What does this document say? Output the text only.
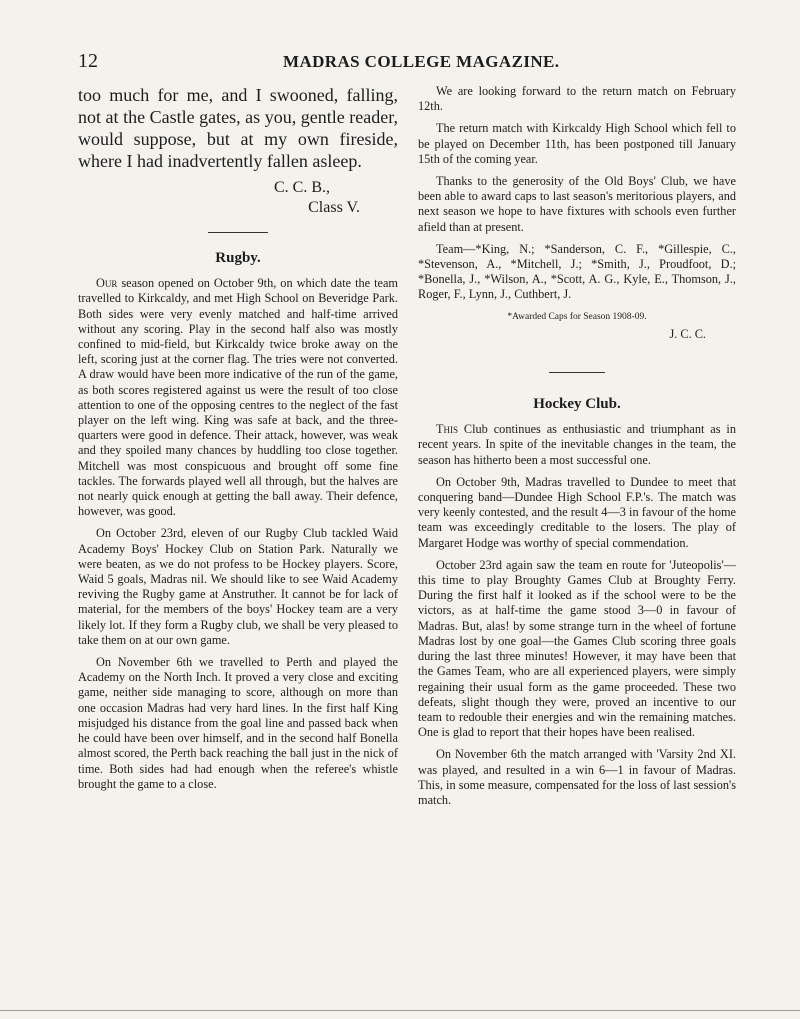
12	MADRAS COLLEGE MAGAZINE.
too much for me, and I swooned, falling, not at the Castle gates, as you, gentle reader, would suppose, but at my own fireside, where I had inadvertently fallen asleep.
C. C. B.,
Class V.
Rugby.

Our season opened on October 9th, on which date the team travelled to Kirkcaldy, and met High School on Beveridge Park. Both sides were very evenly matched and half-time arrived without any scoring. Play in the second half also was mostly confined to mid-field, but Kirkcaldy twice broke away on the left, scoring just at the corner flag. The tries were not converted. A draw would have been more indicative of the run of the game, as both scores registered against us were the result of too close attention to one of the opposing centres to the neglect of the fast player on the left wing. King was safe at back, and the three-quarters were good in defence. Their attack, however, was weak and they spoiled many chances by huddling too close together. Mitchell was most conspicuous and brought off some fine tackles. The forwards played well all through, but the halves are not nearly quick enough at getting the ball away. Their defence, however, was good.

On October 23rd, eleven of our Rugby Club tackled Waid Academy Boys' Hockey Club on Station Park. Naturally we were beaten, as we do not profess to be Hockey players. Score, Waid 5 goals, Madras nil. We should like to see Waid Academy reviving the Rugby game at Anstruther. It cannot be for lack of material, for the members of the boys' Hockey team are a very likely lot. If they form a Rugby club, we shall be very pleased to take them on at our own game.

On November 6th we travelled to Perth and played the Academy on the North Inch. It proved a very close and exciting game, neither side managing to score, although on more than one occasion Madras had very hard lines. In the first half King misjudged his distance from the goal line and passed back when he could have been over himself, and in the second half Bonella almost scored, the Perth back reaching the ball just in the nick of time. Both sides had had enough when the referee's whistle brought the game to a close.

We are looking forward to the return match on February 12th.

The return match with Kirkcaldy High School which fell to be played on December 11th, has been postponed till January 15th of the coming year.

Thanks to the generosity of the Old Boys' Club, we have been able to award caps to last season's meritorious players, and next season we hope to have fixtures with schools even further afield than at present.

Team—*King, N.; *Sanderson, C. F., *Gillespie, C., *Stevenson, A., *Mitchell, J.; *Smith, J., Proudfoot, D.; *Bonella, J., *Wilson, A., *Scott, A. G., Kyle, E., Thomson, J., Roger, F., Lynn, J., Cuthbert, J.

*Awarded Caps for Season 1908-09.

J. C. C.

Hockey Club.

This Club continues as enthusiastic and triumphant as in recent years. In spite of the inevitable changes in the team, the season has hitherto been a most successful one.

On October 9th, Madras travelled to Dundee to meet that conquering band—Dundee High School F.P.'s. The match was very keenly contested, and the result 4—3 in favour of the home team was exceedingly creditable to the losers. The play of Margaret Hodge was worthy of special commendation.

October 23rd again saw the team en route for 'Juteopolis'—this time to play Broughty Games Club at Broughty Ferry. During the first half it looked as if the school were to be the victors, as at half-time the game stood 3—0 in favour of Madras. But, alas! by some strange turn in the wheel of fortune Madras lost by one goal—the Games Club scoring three goals during the last three minutes! However, it may have been that the Games Team, who are all experienced players, were simply regaining their usual form as the game proceeded. These two defeats, slight though they were, proved an incentive to our team to redouble their energies and win the remaining matches. One is glad to report that their hopes have been realised.

On November 6th the match arranged with 'Varsity 2nd XI. was played, and resulted in a win 6—1 in favour of Madras. This, in some measure, compensated for the loss of last session's match.
